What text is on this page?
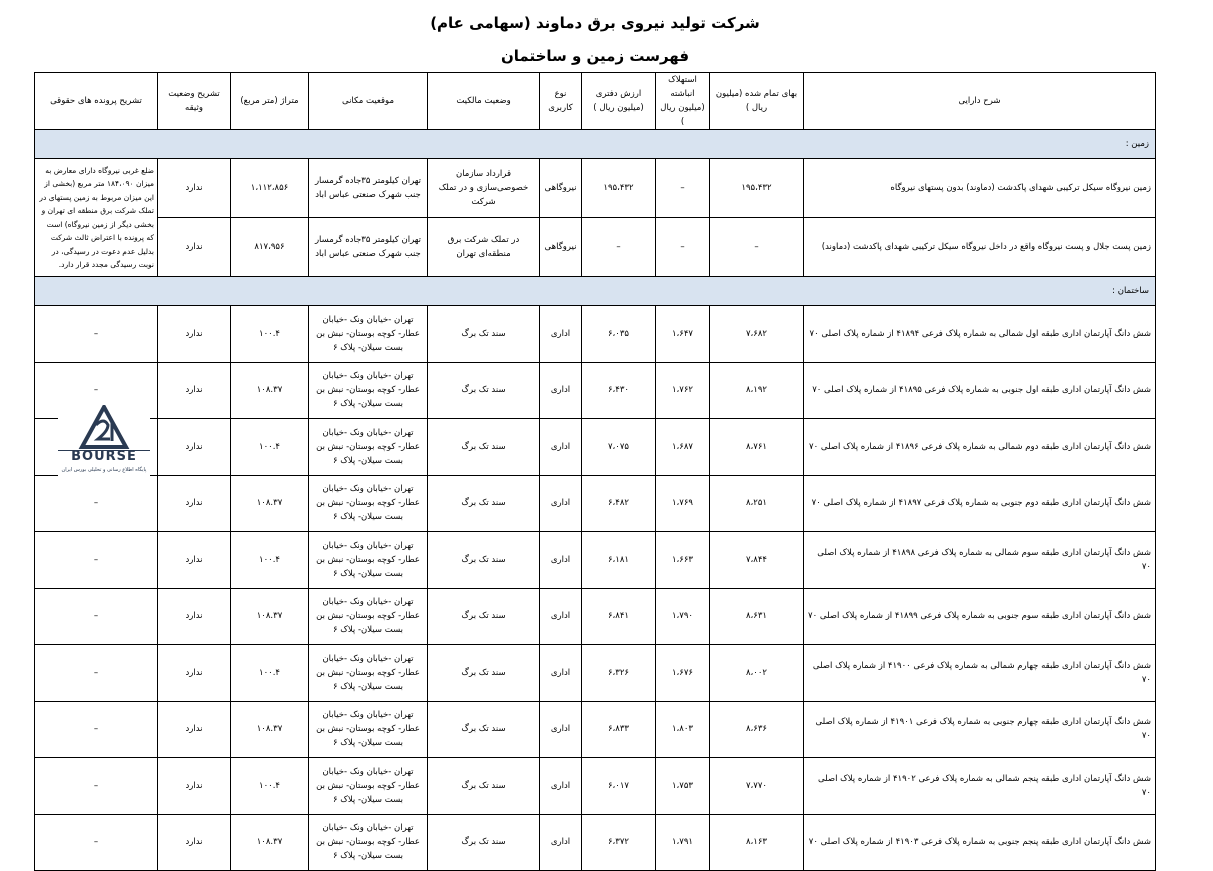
شرکت تولید نیروی برق دماوند (سهامی عام)
فهرست زمین و ساختمان
شرح دارایی	بهای تمام شده (میلیون ریال )	استهلاک انباشته (میلیون ریال )	ارزش دفتری (میلیون ریال )	نوع کاربری	وضعیت مالکیت	موقعیت مکانی	متراژ (متر مربع)	تشریح وضعیت وثیقه	تشریح پرونده های حقوقی
زمین :									
زمین نیروگاه سیکل ترکیبی شهدای پاکدشت (دماوند) بدون پستهای نیروگاه	۱۹۵،۴۳۲	–	۱۹۵،۴۳۲	نیروگاهی	قرارداد سازمان خصوصی‌سازی و در تملک شرکت	تهران کیلومتر ۳۵جاده گرمسار جنب شهرک صنعتی عباس اباد	۱،۱۱۲،۸۵۶	ندارد	ضلع غربی نیروگاه دارای معارض به میزان ۱۸۴،۰۹۰ متر مربع (بخشی از این میزان مربوط به زمین پستهای در تملک شرکت برق منطقه ای تهران و بخشی دیگر از زمین نیروگاه) است که پرونده با اعتراض ثالث شرکت بدلیل عدم دعوت در رسیدگی، در نوبت رسیدگی مجدد قرار دارد.
زمین پست جلال و پست نیروگاه واقع در داخل نیروگاه سیکل ترکیبی شهدای پاکدشت (دماوند)	–	–	–	نیروگاهی	در تملک شرکت برق منطقه‌ای تهران	تهران کیلومتر ۳۵جاده گرمسار جنب شهرک صنعتی عباس اباد	۸۱۷،۹۵۶	ندارد	
ساختمان :									
شش دانگ آپارتمان اداری طبقه اول شمالی به شماره پلاک فرعی ۴۱۸۹۴ از شماره پلاک اصلی ۷۰	۷،۶۸۲	۱،۶۴۷	۶،۰۳۵	اداری	سند تک برگ	تهران -خیابان ونک -خیابان عطار- کوچه بوستان- نبش بن بست سیلان- پلاک ۶	۱۰۰.۴	ندارد	–
شش دانگ آپارتمان اداری طبقه اول جنوبی به شماره پلاک فرعی ۴۱۸۹۵ از شماره پلاک اصلی ۷۰	۸،۱۹۲	۱،۷۶۲	۶،۴۳۰	اداری	سند تک برگ	تهران -خیابان ونک -خیابان عطار- کوچه بوستان- نبش بن بست سیلان- پلاک ۶	۱۰۸.۳۷	ندارد	–
شش دانگ آپارتمان اداری طبقه دوم شمالی به شماره پلاک فرعی ۴۱۸۹۶ از شماره پلاک اصلی ۷۰	۸،۷۶۱	۱،۶۸۷	۷،۰۷۵	اداری	سند تک برگ	تهران -خیابان ونک -خیابان عطار- کوچه بوستان- نبش بن بست سیلان- پلاک ۶	۱۰۰.۴	ندارد	
شش دانگ آپارتمان اداری طبقه دوم جنوبی به شماره پلاک فرعی ۴۱۸۹۷ از شماره پلاک اصلی ۷۰	۸،۲۵۱	۱،۷۶۹	۶،۴۸۲	اداری	سند تک برگ	تهران -خیابان ونک -خیابان عطار- کوچه بوستان- نبش بن بست سیلان- پلاک ۶	۱۰۸.۳۷	ندارد	–
شش دانگ آپارتمان اداری طبقه سوم شمالی به شماره پلاک فرعی ۴۱۸۹۸ از شماره پلاک اصلی ۷۰	۷،۸۴۴	۱،۶۶۳	۶،۱۸۱	اداری	سند تک برگ	تهران -خیابان ونک -خیابان عطار- کوچه بوستان- نبش بن بست سیلان- پلاک ۶	۱۰۰.۴	ندارد	–
شش دانگ آپارتمان اداری طبقه سوم جنوبی به شماره پلاک فرعی ۴۱۸۹۹ از شماره پلاک اصلی ۷۰	۸،۶۳۱	۱،۷۹۰	۶،۸۴۱	اداری	سند تک برگ	تهران -خیابان ونک -خیابان عطار- کوچه بوستان- نبش بن بست سیلان- پلاک ۶	۱۰۸.۳۷	ندارد	–
شش دانگ آپارتمان اداری طبقه چهارم شمالی به شماره پلاک فرعی ۴۱۹۰۰ از شماره پلاک اصلی ۷۰	۸،۰۰۲	۱،۶۷۶	۶،۳۲۶	اداری	سند تک برگ	تهران -خیابان ونک -خیابان عطار- کوچه بوستان- نبش بن بست سیلان- پلاک ۶	۱۰۰.۴	ندارد	–
شش دانگ آپارتمان اداری طبقه چهارم جنوبی به شماره پلاک فرعی ۴۱۹۰۱ از شماره پلاک اصلی ۷۰	۸،۶۳۶	۱،۸۰۳	۶،۸۳۳	اداری	سند تک برگ	تهران -خیابان ونک -خیابان عطار- کوچه بوستان- نبش بن بست سیلان- پلاک ۶	۱۰۸.۳۷	ندارد	–
شش دانگ آپارتمان اداری طبقه پنجم شمالی به شماره پلاک فرعی ۴۱۹۰۲ از شماره پلاک اصلی ۷۰	۷،۷۷۰	۱،۷۵۳	۶،۰۱۷	اداری	سند تک برگ	تهران -خیابان ونک -خیابان عطار- کوچه بوستان- نبش بن بست سیلان- پلاک ۶	۱۰۰.۴	ندارد	–
شش دانگ آپارتمان اداری طبقه پنجم جنوبی به شماره پلاک فرعی ۴۱۹۰۳ از شماره پلاک اصلی ۷۰	۸،۱۶۳	۱،۷۹۱	۶،۳۷۲	اداری	سند تک برگ	تهران -خیابان ونک -خیابان عطار- کوچه بوستان- نبش بن بست سیلان- پلاک ۶	۱۰۸.۳۷	ندارد	–
BOURSE
پایگاه اطلاع رسانی و تحلیلی بورس ایران
